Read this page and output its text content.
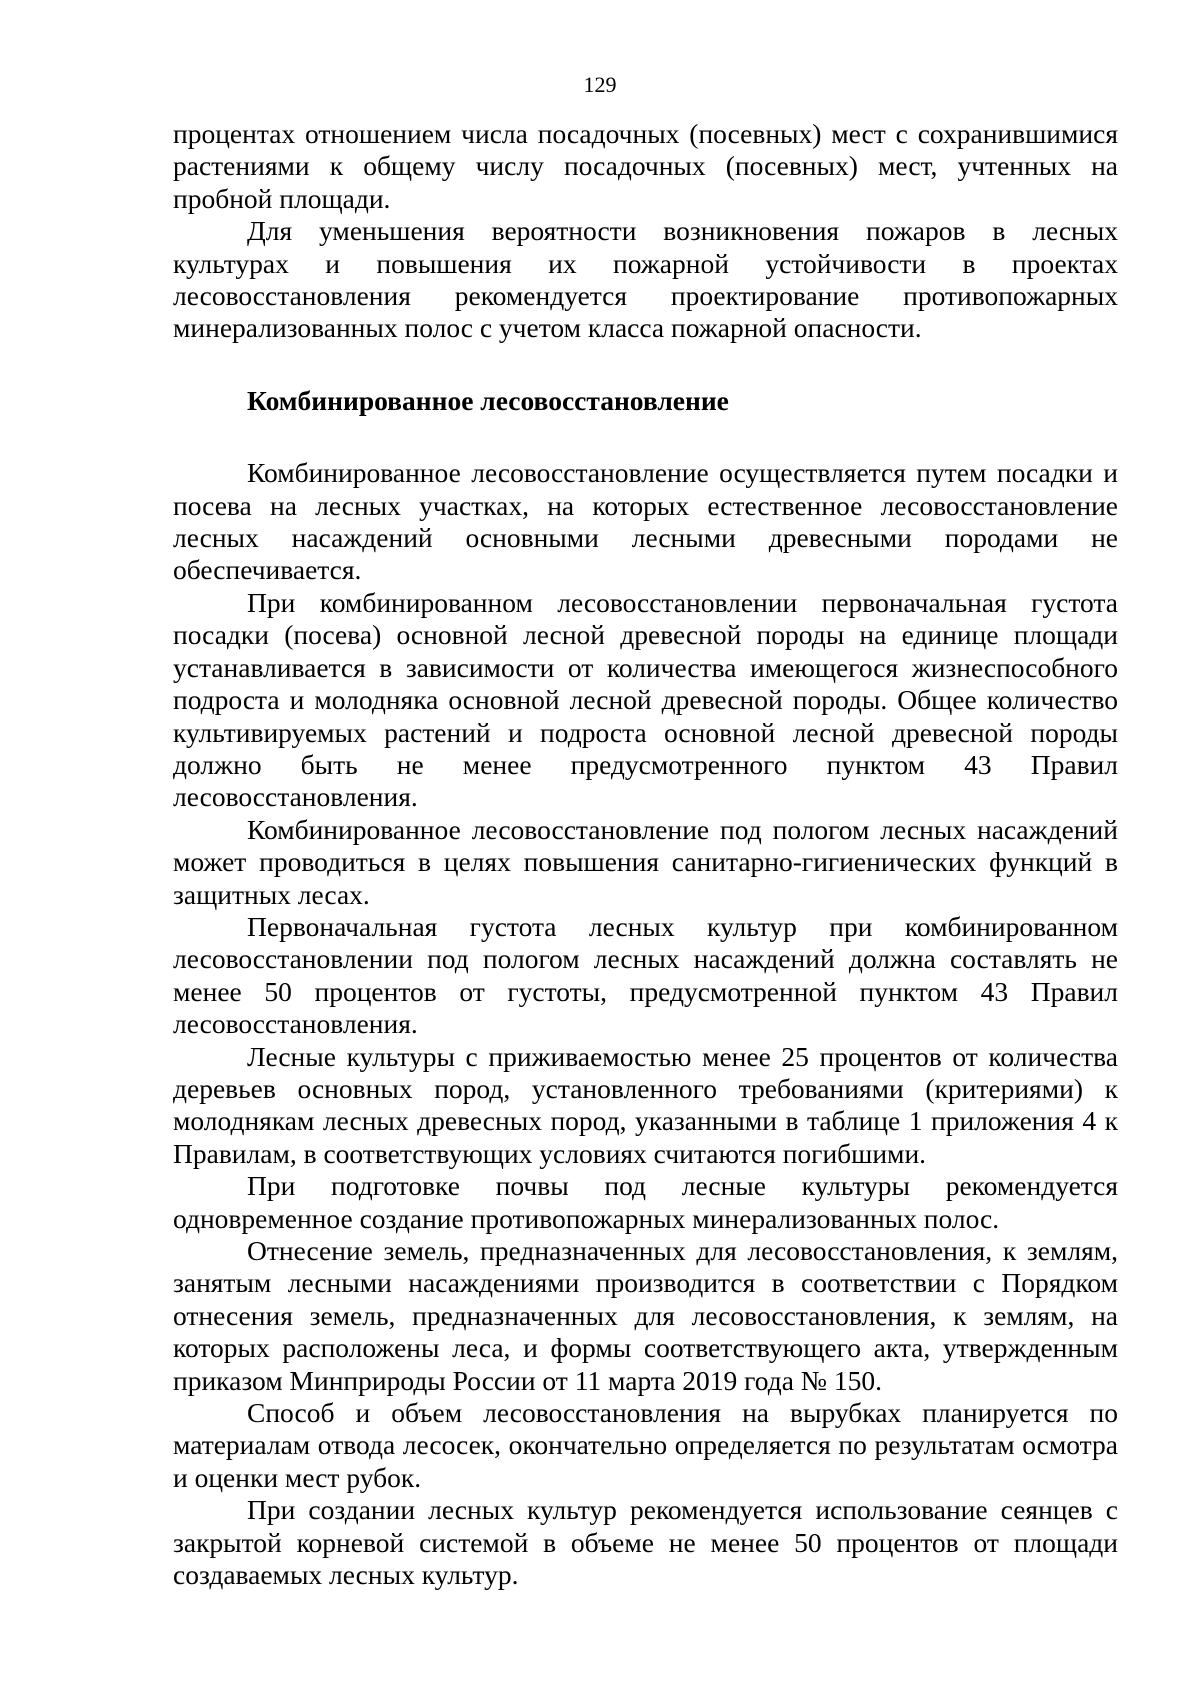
129

процентах отношением числа посадочных (посевных) мест с сохранившимися растениями к общему числу посадочных (посевных) мест, учтенных на пробной площади.

Для уменьшения вероятности возникновения пожаров в лесных культурах и повышения их пожарной устойчивости в проектах лесовосстановления рекомендуется проектирование противопожарных минерализованных полос с учетом класса пожарной опасности.

Комбинированное лесовосстановление

Комбинированное лесовосстановление осуществляется путем посадки и посева на лесных участках, на которых естественное лесовосстановление лесных насаждений основными лесными древесными породами не обеспечивается.

При комбинированном лесовосстановлении первоначальная густота посадки (посева) основной лесной древесной породы на единице площади устанавливается в зависимости от количества имеющегося жизнеспособного подроста и молодняка основной лесной древесной породы. Общее количество культивируемых растений и подроста основной лесной древесной породы должно быть не менее предусмотренного пунктом 43 Правил лесовосстановления.

Комбинированное лесовосстановление под пологом лесных насаждений может проводиться в целях повышения санитарно-гигиенических функций в защитных лесах.

Первоначальная густота лесных культур при комбинированном лесовосстановлении под пологом лесных насаждений должна составлять не менее 50 процентов от густоты, предусмотренной пунктом 43 Правил лесовосстановления.

Лесные культуры с приживаемостью менее 25 процентов от количества деревьев основных пород, установленного требованиями (критериями) к молоднякам лесных древесных пород, указанными в таблице 1 приложения 4 к Правилам, в соответствующих условиях считаются погибшими.

При подготовке почвы под лесные культуры рекомендуется одновременное создание противопожарных минерализованных полос.

Отнесение земель, предназначенных для лесовосстановления, к землям, занятым лесными насаждениями производится в соответствии с Порядком отнесения земель, предназначенных для лесовосстановления, к землям, на которых расположены леса, и формы соответствующего акта, утвержденным приказом Минприроды России от 11 марта 2019 года № 150.

Способ и объем лесовосстановления на вырубках планируется по материалам отвода лесосек, окончательно определяется по результатам осмотра и оценки мест рубок.

При создании лесных культур рекомендуется использование сеянцев с закрытой корневой системой в объеме не менее 50 процентов от площади создаваемых лесных культур.
